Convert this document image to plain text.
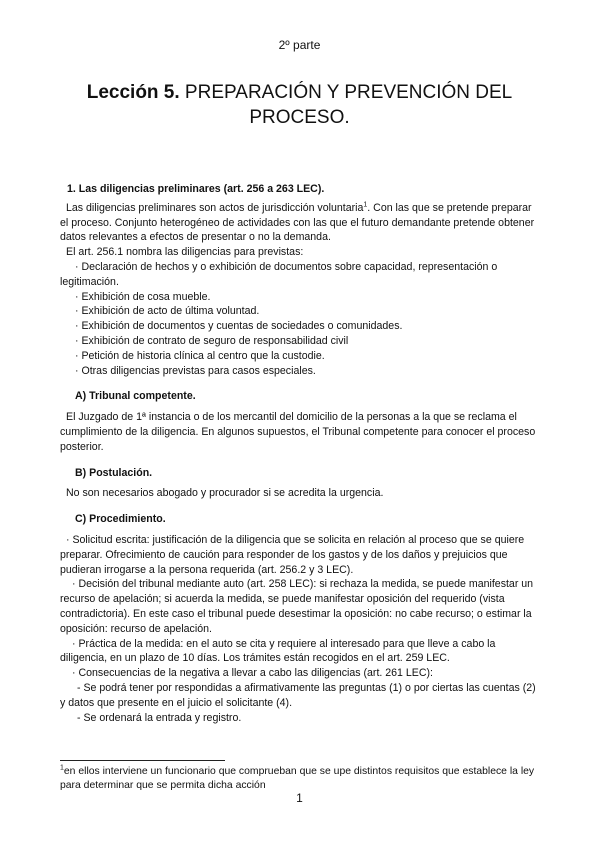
2º parte
Lección 5. PREPARACIÓN Y PREVENCIÓN DEL PROCESO.

1. Las diligencias preliminares (art. 256 a 263 LEC).

Las diligencias preliminares son actos de jurisdicción voluntaria$^1$. Con las que se pretende preparar el proceso. Conjunto heterogéneo de actividades con las que el futuro demandante pretende obtener datos relevantes a efectos de presentar o no la demanda.

El art. 256.1 nombra las diligencias para previstas:

· Declaración de hechos y o exhibición de documentos sobre capacidad, representación o legitimación.

· Exhibición de cosa mueble.

· Exhibición de acto de última voluntad.

· Exhibición de documentos y cuentas de sociedades o comunidades.

· Exhibición de contrato de seguro de responsabilidad civil

· Petición de historia clínica al centro que la custodie.

· Otras diligencias previstas para casos especiales.

A) Tribunal competente.

El Juzgado de 1ª instancia o de los mercantil del domicilio de la personas a la que se reclama el cumplimiento de la diligencia. En algunos supuestos, el Tribunal competente para conocer el proceso posterior.

B) Postulación.

No son necesarios abogado y procurador si se acredita la urgencia.

C) Procedimiento.

· Solicitud escrita: justificación de la diligencia que se solicita en relación al proceso que se quiere preparar. Ofrecimiento de caución para responder de los gastos y de los daños y prejuicios que pudieran irrogarse a la persona requerida (art. 256.2 y 3 LEC).

· Decisión del tribunal mediante auto (art. 258 LEC): si rechaza la medida, se puede manifestar un recurso de apelación; si acuerda la medida, se puede manifestar oposición del requerido (vista contradictoria). En este caso el tribunal puede desestimar la oposición: no cabe recurso; o estimar la oposición: recurso de apelación.

· Práctica de la medida: en el auto se cita y requiere al interesado para que lleve a cabo la diligencia, en un plazo de 10 días. Los trámites están recogidos en el art. 259 LEC.

· Consecuencias de la negativa a llevar a cabo las diligencias (art. 261 LEC):

- Se podrá tener por respondidas a afirmativamente las preguntas (1) o por ciertas las cuentas (2) y datos que presente en el juicio el solicitante (4).

- Se ordenará la entrada y registro.

$^1$en ellos interviene un funcionario que comprueban que se upe distintos requisitos que establece la ley para determinar que se permita dicha acción
1
